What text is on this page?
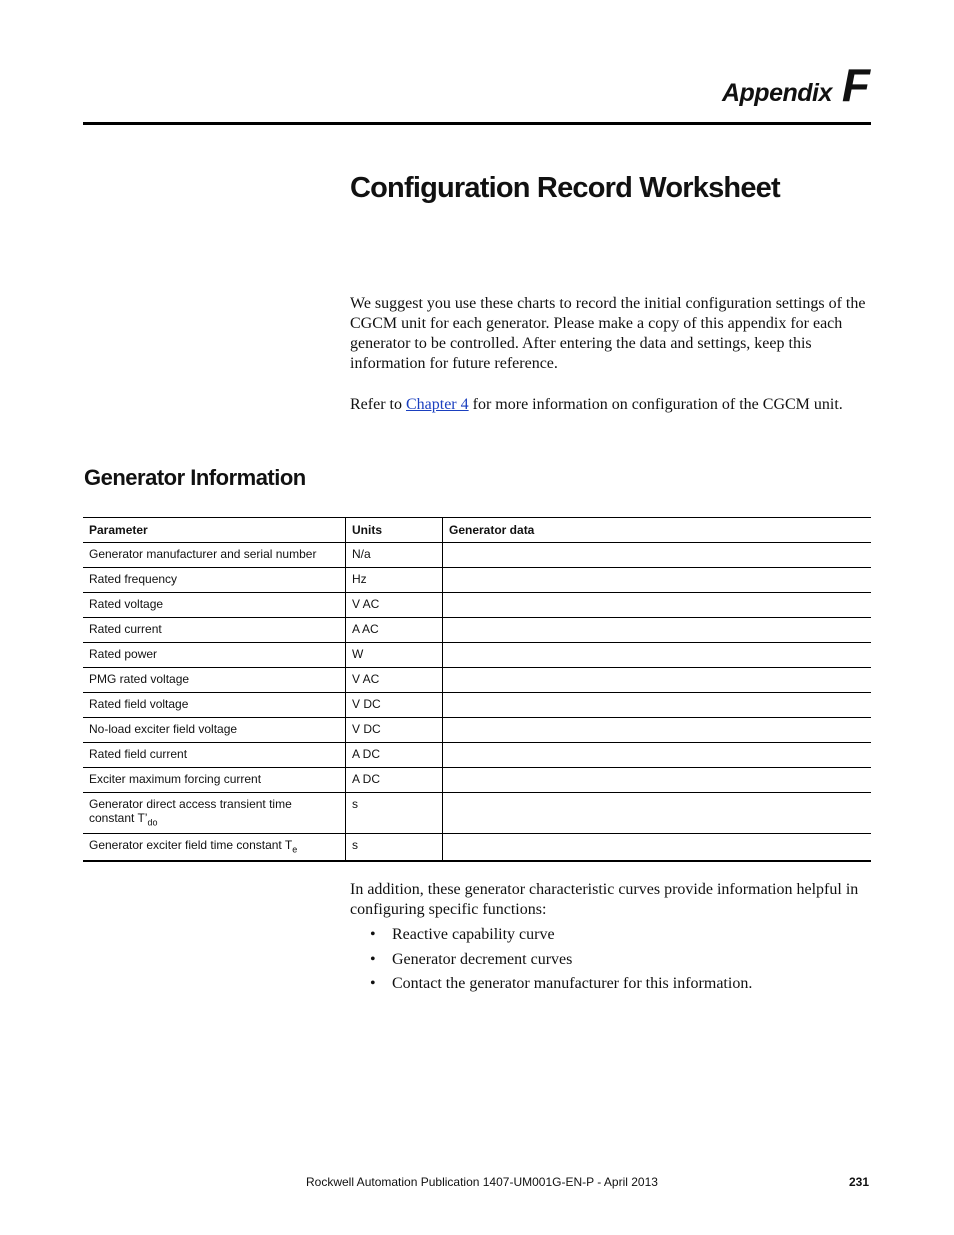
Appendix F
Configuration Record Worksheet

We suggest you use these charts to record the initial configuration settings of the CGCM unit for each generator. Please make a copy of this appendix for each generator to be controlled. After entering the data and settings, keep this information for future reference.

Refer to Chapter 4 for more information on configuration of the CGCM unit.

Generator Information
Parameter	Units	Generator data
Generator manufacturer and serial number	N/a	
Rated frequency	Hz	
Rated voltage	V AC	
Rated current	A AC	
Rated power	W	
PMG rated voltage	V AC	
Rated field voltage	V DC	
No-load exciter field voltage	V DC	
Rated field current	A DC	
Exciter maximum forcing current	A DC	
Generator direct access transient time constant $T’_{do}$	s	
Generator exciter field time constant $T_e$	s	

In addition, these generator characteristic curves provide information helpful in configuring specific functions:

•	Reactive capability curve
•	Generator decrement curves
•	Contact the generator manufacturer for this information.
Rockwell Automation Publication 1407-UM001G-EN-P - April 2013	231
